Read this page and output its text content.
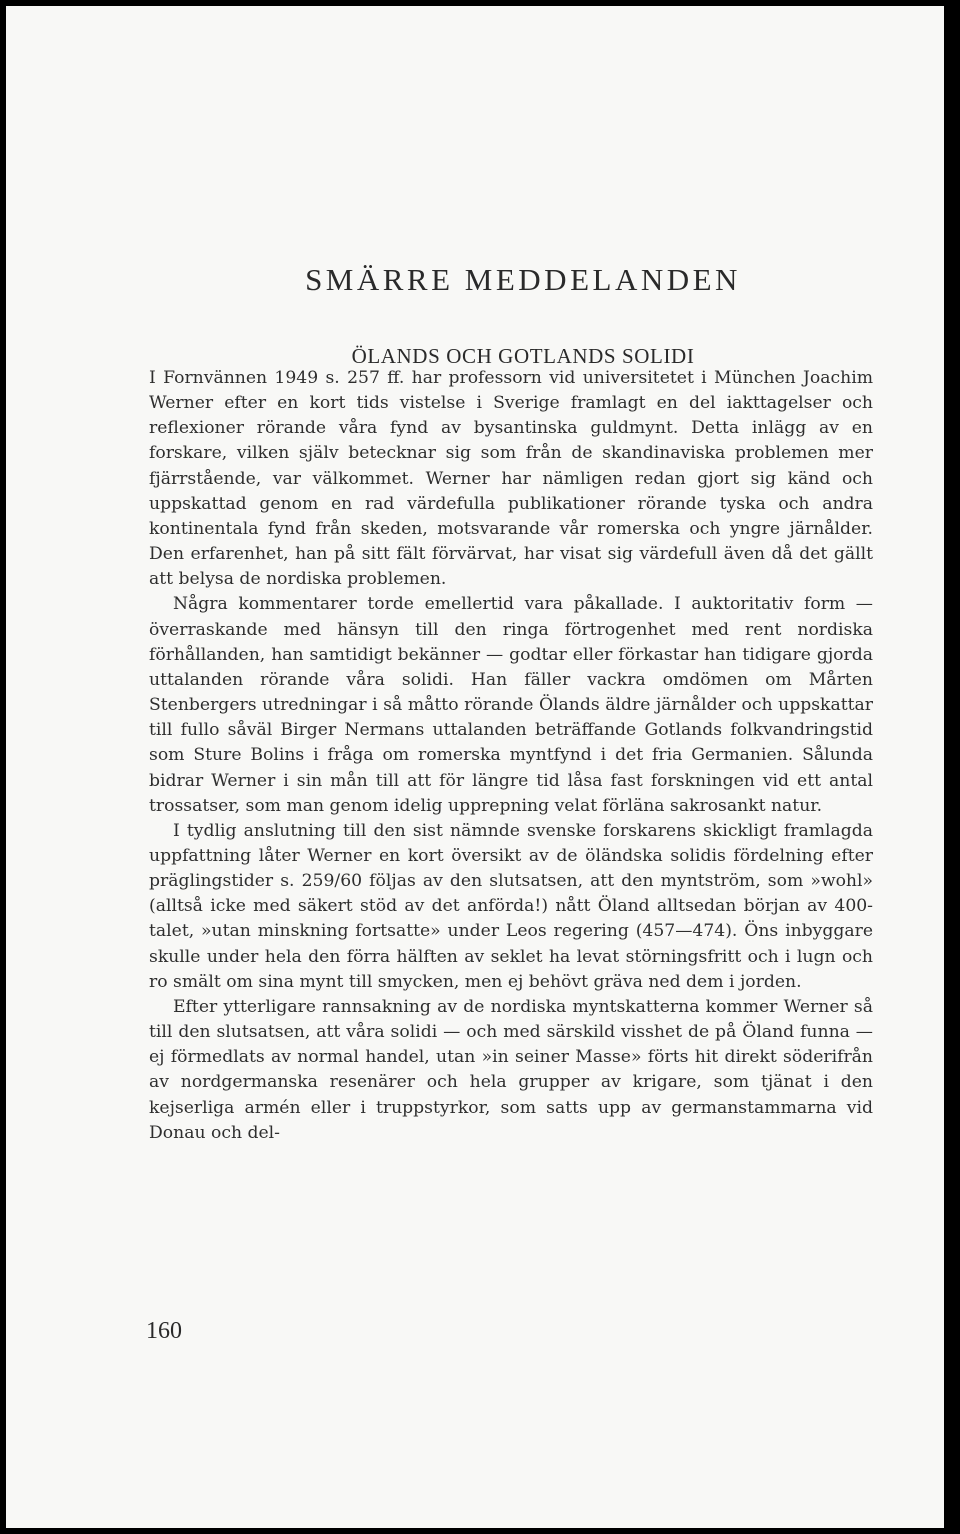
SMÄRRE MEDDELANDEN
ÖLANDS OCH GOTLANDS SOLIDI

I Fornvännen 1949 s. 257 ff. har professorn vid universitetet i München Joachim Werner efter en kort tids vistelse i Sverige framlagt en del iakttagelser och reflexioner rörande våra fynd av bysantinska guldmynt. Detta inlägg av en forskare, vilken själv betecknar sig som från de skandinaviska problemen mer fjärrstående, var välkommet. Werner har nämligen redan gjort sig känd och uppskattad genom en rad värdefulla publikationer rörande tyska och andra kontinentala fynd från skeden, motsvarande vår romerska och yngre järnålder. Den erfarenhet, han på sitt fält förvärvat, har visat sig värdefull även då det gällt att belysa de nordiska problemen.

Några kommentarer torde emellertid vara påkallade. I auktoritativ form — överraskande med hänsyn till den ringa förtrogenhet med rent nordiska förhållanden, han samtidigt bekänner — godtar eller förkastar han tidigare gjorda uttalanden rörande våra solidi. Han fäller vackra omdömen om Mårten Stenbergers utredningar i så måtto rörande Ölands äldre järnålder och uppskattar till fullo såväl Birger Nermans uttalanden beträffande Gotlands folkvandringstid som Sture Bolins i fråga om romerska myntfynd i det fria Germanien. Sålunda bidrar Werner i sin mån till att för längre tid låsa fast forskningen vid ett antal trossatser, som man genom idelig upprepning velat förläna sakrosankt natur.

I tydlig anslutning till den sist nämnde svenske forskarens skickligt framlagda uppfattning låter Werner en kort översikt av de öländska solidis fördelning efter präglingstider s. 259/60 följas av den slutsatsen, att den myntström, som »wohl» (alltså icke med säkert stöd av det anförda!) nått Öland alltsedan början av 400-talet, »utan minskning fortsatte» under Leos regering (457—474). Öns inbyggare skulle under hela den förra hälften av seklet ha levat störningsfritt och i lugn och ro smält om sina mynt till smycken, men ej behövt gräva ned dem i jorden.

Efter ytterligare rannsakning av de nordiska myntskatterna kommer Werner så till den slutsatsen, att våra solidi — och med särskild visshet de på Öland funna — ej förmedlats av normal handel, utan »in seiner Masse» förts hit direkt söderifrån av nordgermanska resenärer och hela grupper av krigare, som tjänat i den kejserliga armén eller i truppstyrkor, som satts upp av germanstammarna vid Donau och del-

160
